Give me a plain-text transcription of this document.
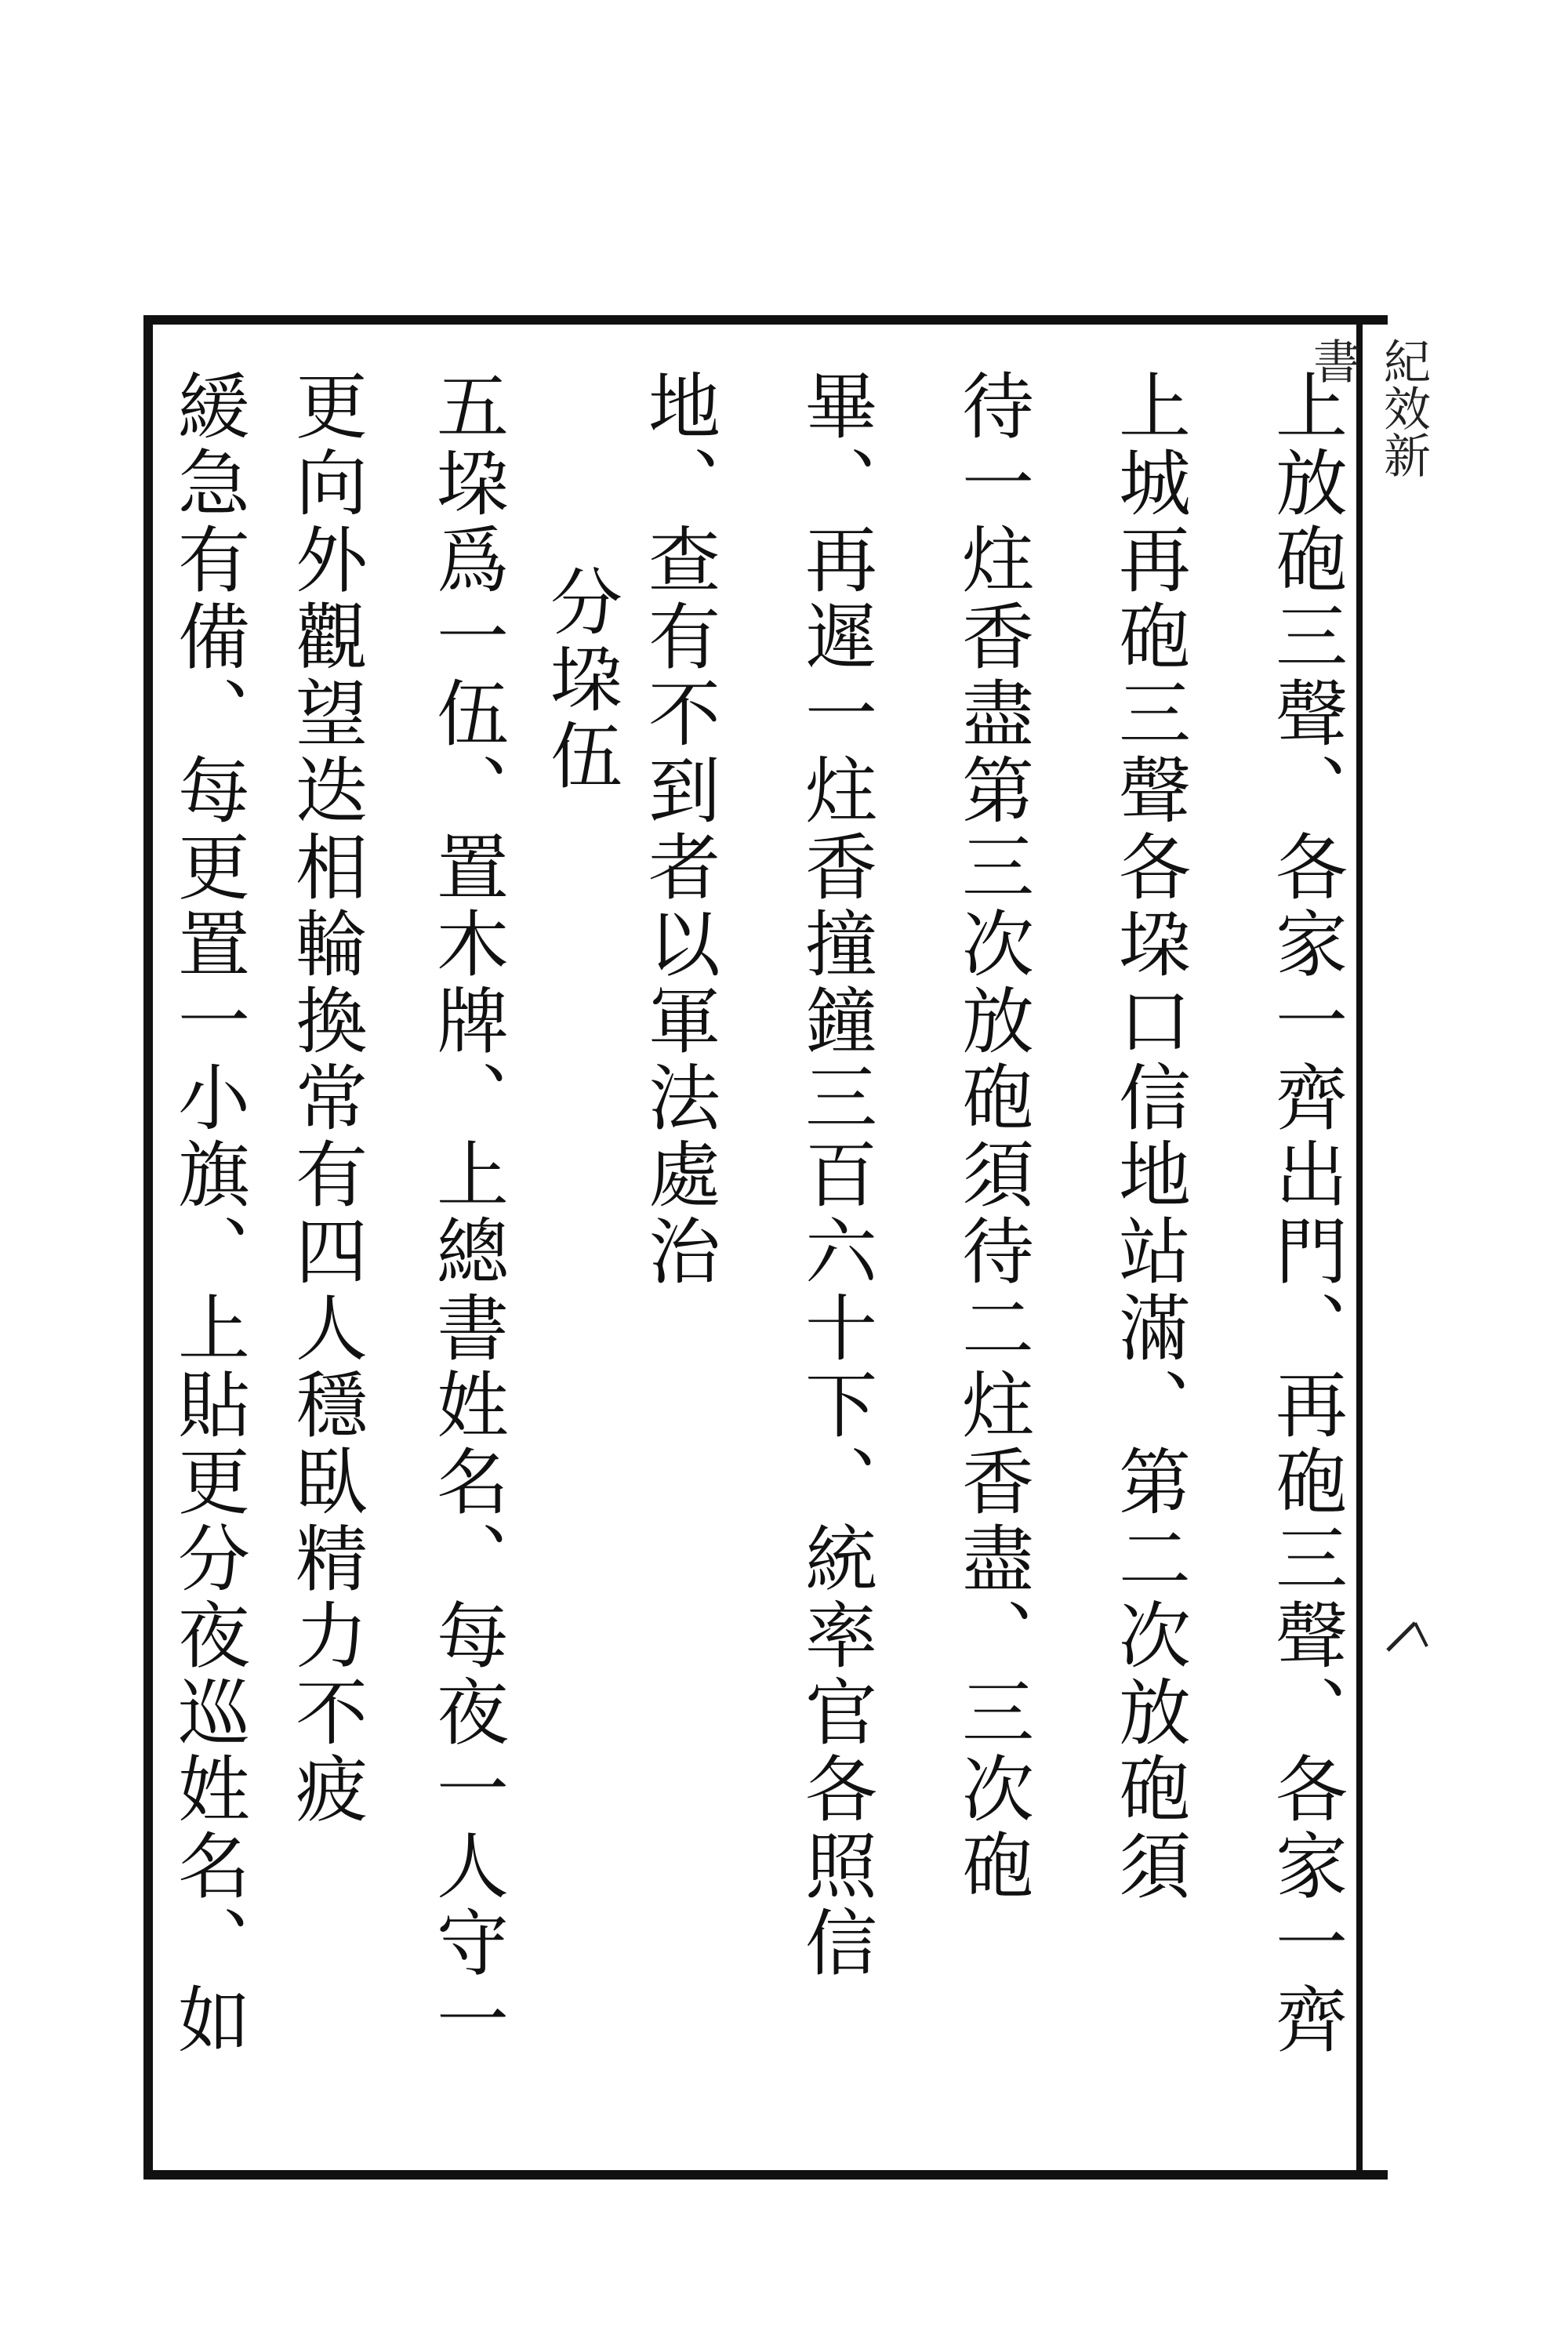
紀效新書
上放砲三聲、各家一齊出門、再砲三聲、各家一齊
上城再砲三聲各垜口信地站滿、第二次放砲須
待一炷香盡第三次放砲須待二炷香盡、三次砲
畢、再遲一炷香撞鐘三百六十下、統率官各照信
地、查有不到者以軍法處治
分垜伍
五垜爲一伍、置木牌、上總書姓名、每夜一人守一
更向外觀望迭相輪換常有四人穩臥精力不疲
緩急有備、每更置一小旗、上貼更分夜巡姓名、如
